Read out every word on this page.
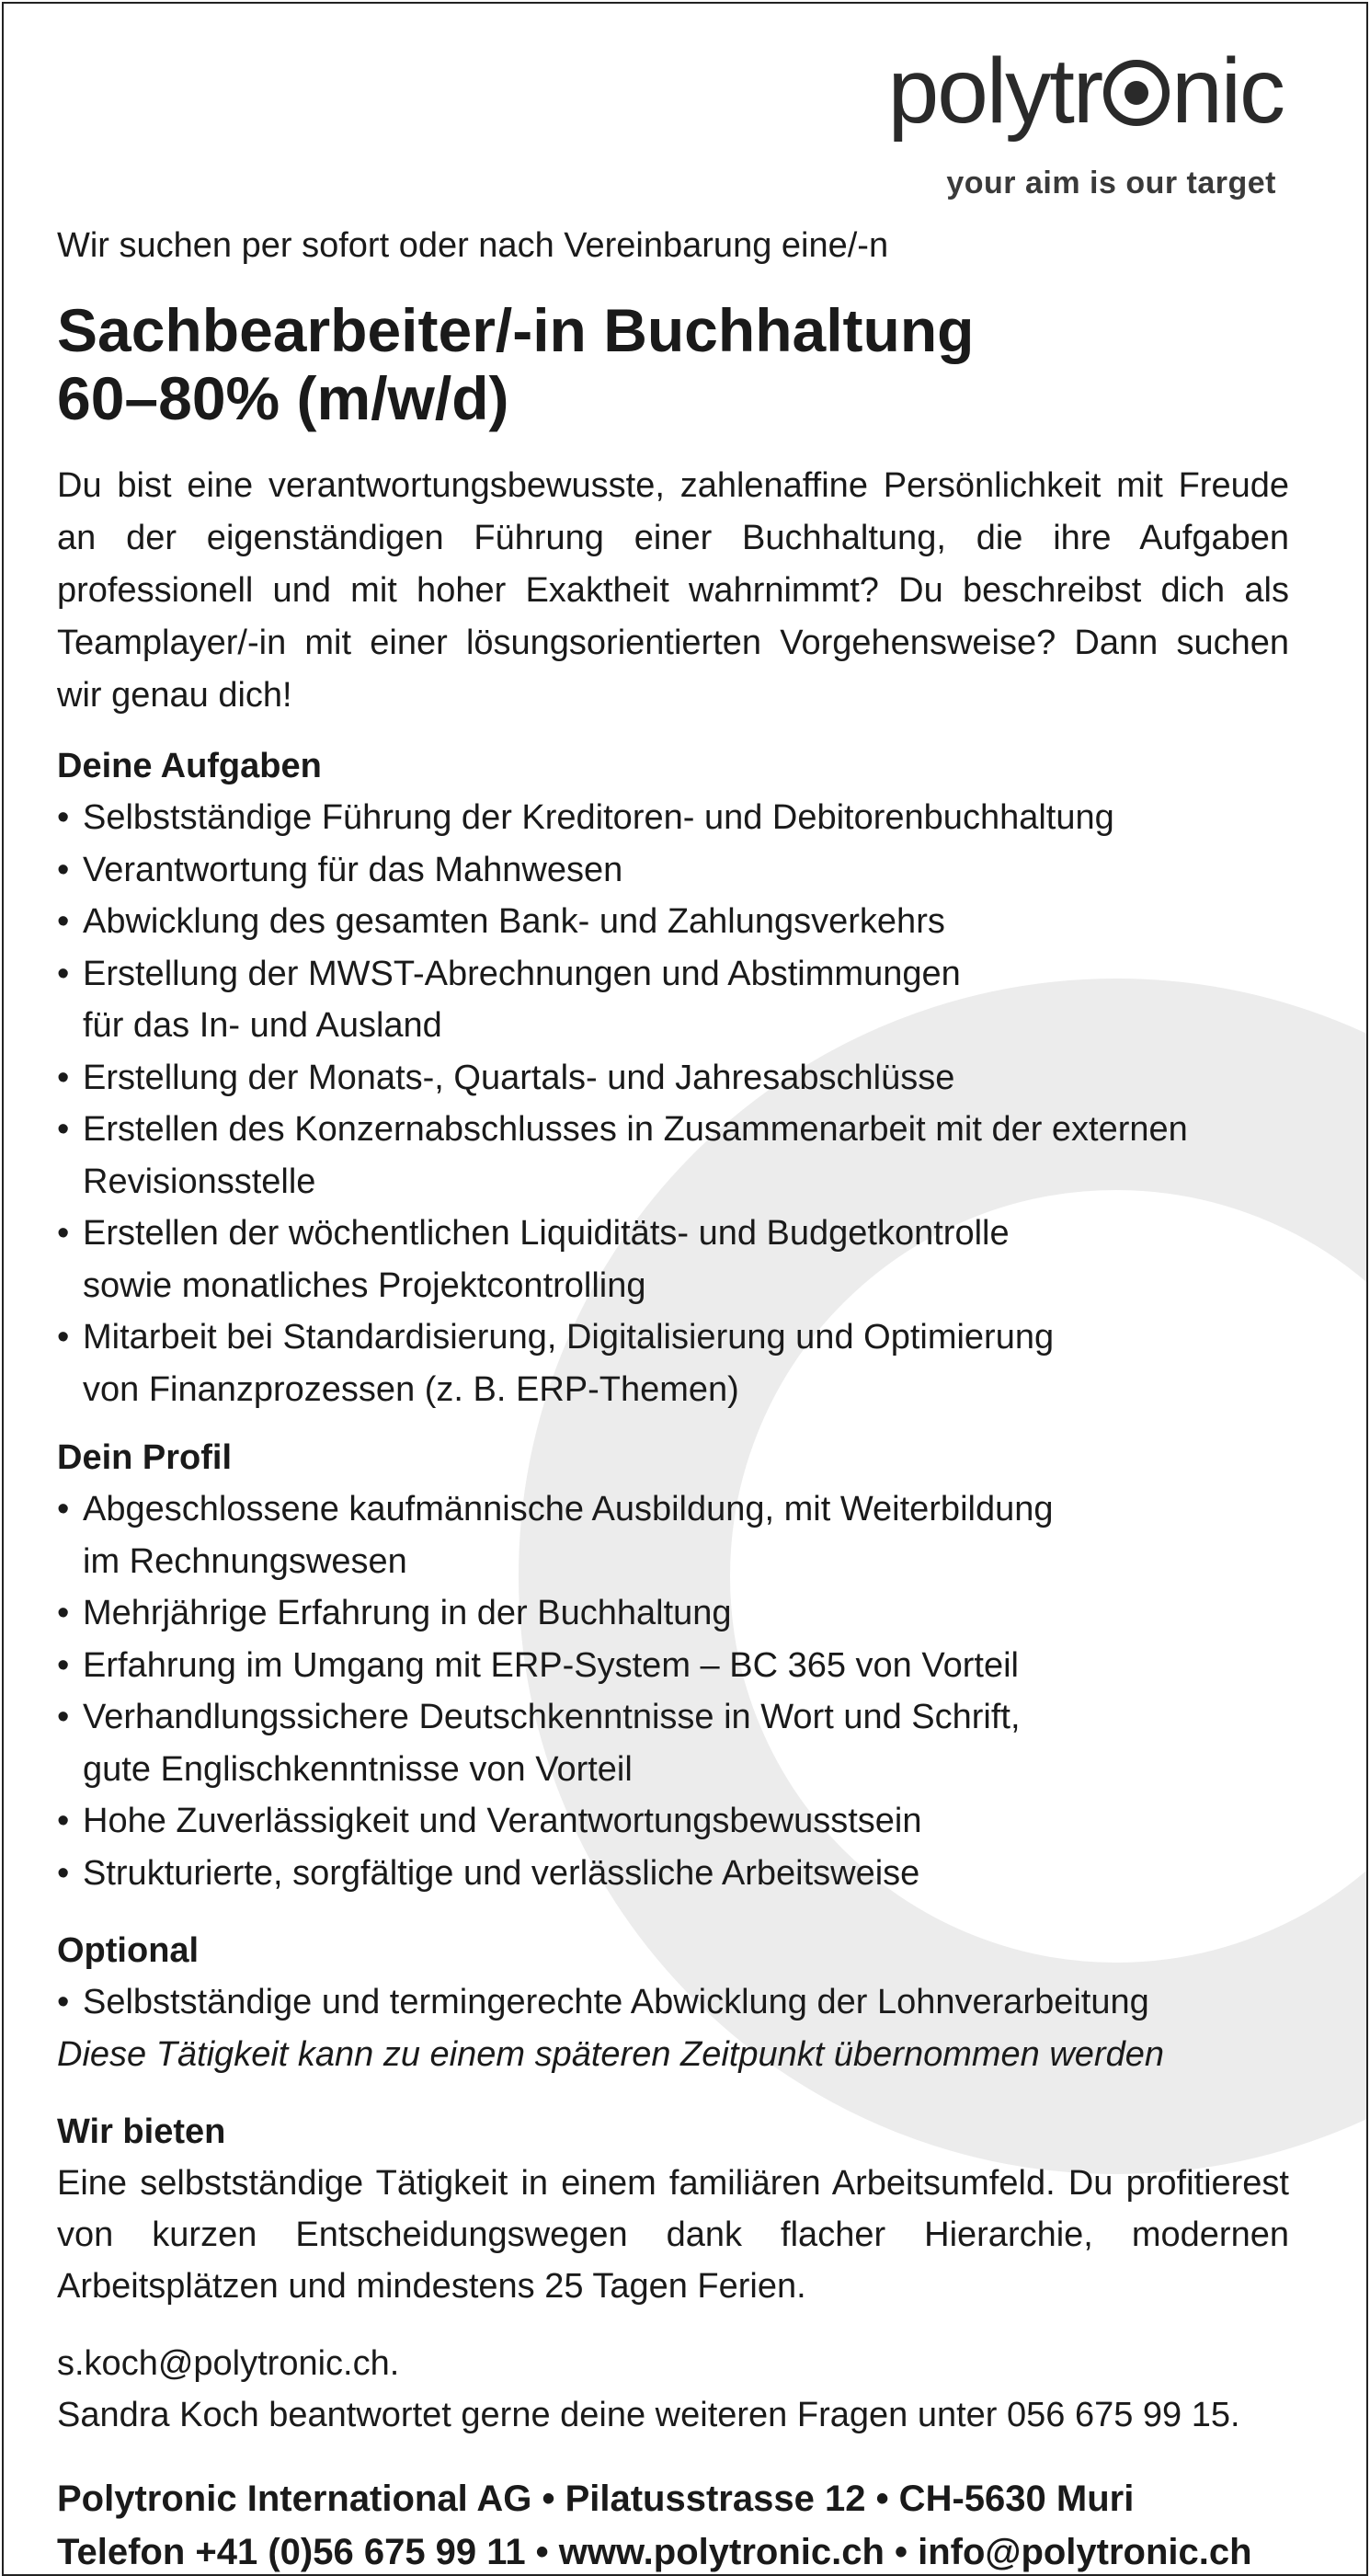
polytr nic
your aim is our target

Wir suchen per sofort oder nach Vereinbarung eine/-n

Sachbearbeiter/-in Buchhaltung
60–80% (m/w/d)

Du bist eine verantwortungsbewusste, zahlenaffine Persönlichkeit mit Freude an der eigenständigen Führung einer Buchhaltung, die ihre Aufgaben professionell und mit hoher Exaktheit wahrnimmt? Du beschreibst dich als Teamplayer/-in mit einer lösungsorientierten Vorgehensweise? Dann suchen wir genau dich!

Deine Aufgaben
• Selbstständige Führung der Kreditoren- und Debitorenbuchhaltung
• Verantwortung für das Mahnwesen
• Abwicklung des gesamten Bank- und Zahlungsverkehrs
• Erstellung der MWST-Abrechnungen und Abstimmungen
für das In- und Ausland
• Erstellung der Monats-, Quartals- und Jahresabschlüsse
• Erstellen des Konzernabschlusses in Zusammenarbeit mit der externen
Revisionsstelle
• Erstellen der wöchentlichen Liquiditäts- und Budgetkontrolle
sowie monatliches Projektcontrolling
• Mitarbeit bei Standardisierung, Digitalisierung und Optimierung
von Finanzprozessen (z. B. ERP-Themen)
Dein Profil
• Abgeschlossene kaufmännische Ausbildung, mit Weiterbildung
im Rechnungswesen
• Mehrjährige Erfahrung in der Buchhaltung
• Erfahrung im Umgang mit ERP-System – BC 365 von Vorteil
• Verhandlungssichere Deutschkenntnisse in Wort und Schrift,
gute Englischkenntnisse von Vorteil
• Hohe Zuverlässigkeit und Verantwortungsbewusstsein
• Strukturierte, sorgfältige und verlässliche Arbeitsweise
Optional
• Selbstständige und termingerechte Abwicklung der Lohnverarbeitung

Diese Tätigkeit kann zu einem späteren Zeitpunkt übernommen werden

Wir bieten

Eine selbstständige Tätigkeit in einem familiären Arbeitsumfeld. Du profitierest von kurzen Entscheidungswegen dank flacher Hierarchie, modernen Arbeitsplätzen und mindestens 25 Tagen Ferien.

s.koch@polytronic.ch.
Sandra Koch beantwortet gerne deine weiteren Fragen unter 056 675 99 15.
Polytronic International AG • Pilatusstrasse 12 • CH-5630 Muri
Telefon +41 (0)56 675 99 11 • www.polytronic.ch • info@polytronic.ch
